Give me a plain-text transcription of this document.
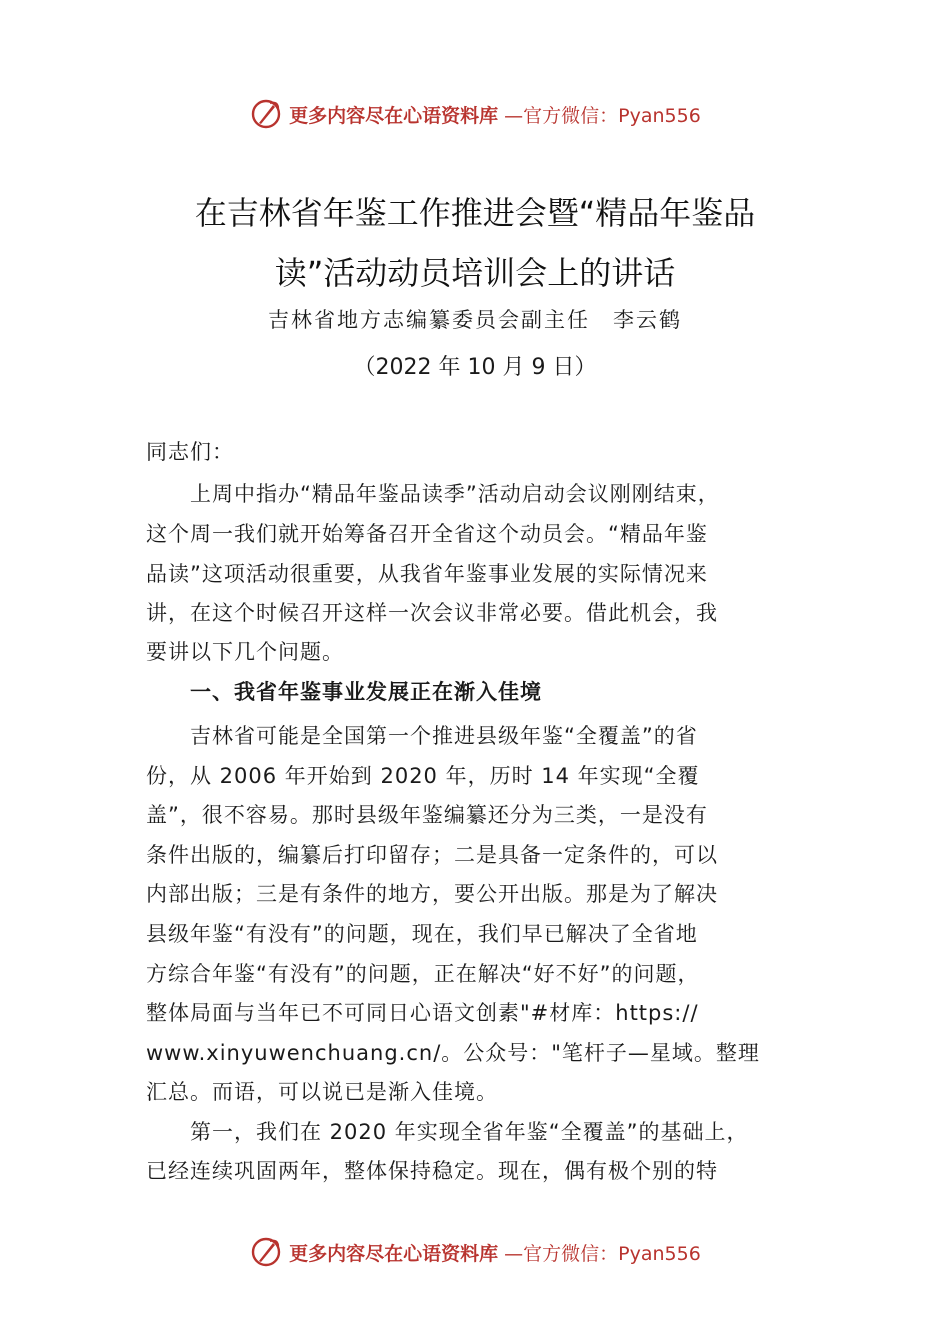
更多内容尽在心语资料库 —官方微信：Pyan556
在吉林省年鉴工作推进会暨“精品年鉴品
读”活动动员培训会上的讲话
吉林省地方志编纂委员会副主任　李云鹤
（2022 年 10 月 9 日）
同志们：
　　上周中指办“精品年鉴品读季”活动启动会议刚刚结束，
这个周一我们就开始筹备召开全省这个动员会。“精品年鉴
品读”这项活动很重要，从我省年鉴事业发展的实际情况来
讲，在这个时候召开这样一次会议非常必要。借此机会，我
要讲以下几个问题。
　　一、我省年鉴事业发展正在渐入佳境
　　吉林省可能是全国第一个推进县级年鉴“全覆盖”的省
份，从 2006 年开始到 2020 年，历时 14 年实现“全覆
盖”，很不容易。那时县级年鉴编纂还分为三类，一是没有
条件出版的，编纂后打印留存；二是具备一定条件的，可以
内部出版；三是有条件的地方，要公开出版。那是为了解决
县级年鉴“有没有”的问题，现在，我们早已解决了全省地
方综合年鉴“有没有”的问题，正在解决“好不好”的问题，
整体局面与当年已不可同日心语文创素"#材库：https://
www.xinyuwenchuang.cn/。公众号："笔杆子—星域。整理
汇总。而语，可以说已是渐入佳境。
　　第一，我们在 2020 年实现全省年鉴“全覆盖”的基础上，
已经连续巩固两年，整体保持稳定。现在，偶有极个别的特
更多内容尽在心语资料库 —官方微信：Pyan556
